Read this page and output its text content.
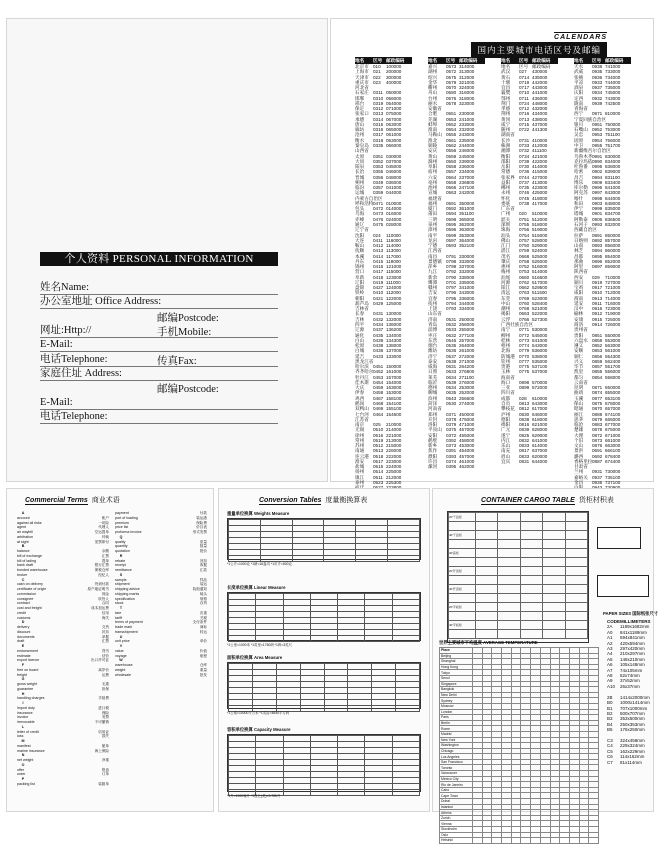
个人资料 PERSONAL INFORMATION
姓名Name:
办公室地址 Office Address:
邮编Postcode:
网址:Http://	手机Mobile:
E-Mail:
电话Telephone:	传真Fax:
家庭住址 Address:
邮编Postcode:
E-Mail:
电话Telephone:
CALENDARS
国内主要城市电话区号及邮编
地名 区号 邮政编码
北京市 010 100000
上海市 021 200000
天津市 022 300000
重庆市 023 400000
河北省
石家庄 0311 050000
邯郸 0310 056000
邢台 0319 054000
保定 0312 071000
张家口 0313 075000
承德 0314 067000
唐山 0315 063000
廊坊 0316 065000
沧州 0317 061000
衡水 0318 053000
秦皇岛 0335 066000
山西省
太原 0351 030000
大同 0352 037000
阳泉 0353 045000
长治 0355 046000
晋城 0356 048000
朔州 0349 036000
临汾 0357 041000
运城 0359 044000
内蒙古自治区
呼和浩特0471 010000
包头 0472 014000
乌海 0473 016000
赤峰 0476 024000
通辽 0475 028000
辽宁省
沈阳 024 110000
大连 0411 116000
鞍山 0412 114000
抚顺 0413 113000
本溪 0414 117000
丹东 0415 118000
锦州 0416 121000
营口 0417 115000
阜新 0418 123000
辽阳 0419 111000
盘锦 0427 124000
铁岭 0410 112000
朝阳 0421 122000
葫芦岛 0429 125000
吉林省
长春 0431 130000
吉林 0432 132000
四平 0434 136000
辽源 0437 136200
通化 0435 134000
白山 0439 134300
松原 0438 138000
白城 0436 137000
延吉 0433 133000
黑龙江省
哈尔滨 0451 150000
齐齐哈尔0452 161000
牡丹江 0453 157000
佳木斯 0454 154000
大庆 0459 163000
伊春 0458 153000
鸡西 0467 158100
鹤岗 0468 154100
双鸭山 0469 155100
七台河 0464 154600
江苏省
南京 025 210000
无锡 0510 214000
徐州 0516 221000
常州 0519 213000
苏州 0512 215000
南通 0513 226000
连云港 0518 222000
淮安 0517 223000
盐城 0515 224000
扬州 0514 225000
镇江 0511 212000
泰州 0523 225300
地名 区号 邮政编码
嘉兴 0573 314000
湖州 0572 313000
绍兴 0575 312000
金华 0579 321000
衢州 0570 324000
舟山 0580 316000
台州 0576 318000
丽水 0578 323000
安徽省
合肥 0551 230000
芜湖 0553 241000
蚌埠 0552 233000
淮南 0554 232000
马鞍山 0555 243000
淮北 0561 235000
铜陵 0562 244000
安庆 0556 246000
黄山 0559 245000
滁州 0550 239000
阜阳 0558 236000
宿州 0557 234000
六安 0564 237000
亳州 0558 236800
池州 0566 247100
宣城 0563 242000
福建省
福州 0591 350000
厦门 0592 361000
莆田 0594 351100
三明 0598 365000
泉州 0595 362000
漳州 0596 363000
南平 0599 353000
龙岩 0597 364000
宁德 0593 352100
江西省
南昌 0791 330000
景德镇 0798 333000
萍乡 0799 337000
九江 0792 332000
新余 0790 338000
鹰潭 0701 335000
赣州 0797 341000
吉安 0796 343000
宜春 0795 336000
抚州 0794 344000
上饶 0793 334000
山东省
济南 0531 250000
青岛 0532 266000
淄博 0533 255000
枣庄 0632 277100
东营 0546 257000
烟台 0535 264000
潍坊 0536 261000
济宁 0537 272000
泰安 0538 271000
威海 0631 264200
日照 0633 276800
莱芜 0634 271100
临沂 0539 276000
德州 0534 253000
聊城 0635 252000
滨州 0543 256600
菏泽 0530 274000
河南省
郑州 0371 450000
开封 0378 475000
洛阳 0379 471000
平顶山 0375 467000
安阳 0372 455000
鹤壁 0392 458000
新乡 0373 453000
焦作 0391 454000
濮阳 0393 457000
许昌 0374 461000
漯河 0395 462000
地名 区号 邮政编码
地名 区号 邮政编码
武汉 027 430000
黄石 0714 435000
十堰 0719 442000
宜昌 0717 443000
襄樊 0710 441000
鄂州 0711 436000
荆门 0724 448000
孝感 0712 432000
荆州 0716 434000
黄冈 0713 438000
咸宁 0715 437000
随州 0722 441300
湖南省
长沙 0731 410000
株洲 0733 412000
湘潭 0732 411100
衡阳 0734 421000
邵阳 0739 422000
岳阳 0730 414000
常德 0736 415000
张家界 0744 427000
益阳 0737 413000
郴州 0735 423000
永州 0746 425000
怀化 0745 418000
娄底 0738 417000
广东省
广州 020 510000
韶关 0751 512000
深圳 0755 518000
珠海 0756 519000
汕头 0754 515000
佛山 0757 528000
江门 0750 529000
湛江 0759 524000
茂名 0668 525000
肇庆 0758 526000
惠州 0752 516000
梅州 0753 514000
汕尾 0660 516600
河源 0762 517000
阳江 0662 529500
清远 0763 511500
东莞 0769 523000
中山 0760 528400
潮州 0768 521000
揭阳 0663 522000
云浮 0766 527300
广西壮族自治区
南宁 0771 530000
柳州 0772 545000
桂林 0773 541000
梧州 0774 543000
北海 0779 536000
防城港 0770 538000
钦州 0777 535000
贵港 0775 537100
玉林 0775 537000
海南省
海口 0898 570000
三亚 0899 572000
四川省
成都 028 610000
自贡 0813 643000
攀枝花 0812 617000
泸州 0830 646000
德阳 0838 618000
绵阳 0816 621000
广元 0839 628000
遂宁 0825 629000
内江 0832 641000
乐山 0833 614000
南充 0817 637000
眉山 0833 620000
宜宾 0831 644000
地名 区号 邮政编码
天水 0938 741000
武威 0935 733000
张掖 0936 734000
平凉 0933 744000
酒泉 0937 735000
庆阳 0934 745000
定西 0932 743000
陇南 0939 742500
青海省
西宁 0971 810000
宁夏回族自治区
银川 0951 750000
石嘴山 0952 753000
吴忠 0953 751100
固原 0954 756000
中卫 0955 751700
新疆维吾尔自治区
乌鲁木齐0991 830000
克拉玛依0990 834000
吐鲁番 0995 838000
哈密 0902 839000
昌吉 0994 831100
博乐 0909 833400
库尔勒 0996 841000
阿克苏 0997 843000
喀什 0998 844000
和田 0903 848000
伊宁 0999 835000
塔城 0901 834700
阿勒泰 0906 836500
石河子 0993 832000
西藏自治区
拉萨 0891 850000
日喀则 0892 857000
山南 0893 856000
林芝 0894 860000
昌都 0895 854000
那曲 0896 852000
阿里 0897 859000
陕西省
西安 029 710000
铜川 0919 727000
宝鸡 0917 721000
咸阳 0910 712000
渭南 0913 714000
延安 0911 716000
汉中 0916 723000
榆林 0912 719000
安康 0915 725000
商洛 0914 726000
贵州省
贵阳 0851 550000
六盘水 0858 553000
遵义 0852 563000
安顺 0853 561000
铜仁 0856 554300
兴义 0859 562400
毕节 0857 551700
凯里 0855 556000
都匀 0854 558000
云南省
昆明 0871 650000
曲靖 0874 655000
玉溪 0877 653100
保山 0875 678000
昭通 0870 657000
丽江 0888 674100
思茅 0879 665000
临沧 0883 677000
楚雄 0878 675000
大理 0872 671000
个旧 0873 661000
文山 0876 663000
景洪 0691 666100
潞西 0692 678400
香格里拉0887 674400
甘肃省
兰州 0931 730000
嘉峪关 0937 735100
金昌 0935 737100
Commercial Terms 商业术语
A
account	帐户
against all risks	一切险
agent	代理人
air waybill	空运提单
arbitration	仲裁
at sight	见票即付
B
balance	余额
bill of exchange	汇票
bill of lading	提单
bank draft	银行汇票
bonded warehouse	保税仓库
broker	经纪人
C
cash on delivery	货到付款
certificate of origin	原产地证明书
commission	佣金
consignee	收货人
contract	合同
cost and freight	成本加运费
credit	信用
customs	海关
D
delivery	交货
discount	折扣
documents	单据
draft	汇票
E
endorsement	背书
estimate	估价
export licence	出口许可证
F
free on board	离岸价
freight	运费
G
gross weight	毛重
guarantee	担保
H
handling charges	手续费
I
import duty	进口税
insurance	保险
invoice	发票
irrevocable	不可撤销
L
letter of credit	信用证
loss	损失
M
manifest	舱单
marine insurance	海上保险
N
net weight	净重
O
offer	报盘
order	订单
P
packing list	装箱单
payment	付款
port of loading	装运港
premium	保险费
price list	价目表
proforma invoice	形式发票
Q
quality	质量
quantity	数量
quotation	报价
R
rebate	回扣
receipt	收据
remittance	汇款
S
sample	样品
shipment	装运
shipping advice	装船通知
shipping marks	唛头
specification	规格
stock	存货
T
tare	皮重
tariff	关税
terms of payment	支付条件
trade mark	商标
transshipment	转运
U
unit price	单价
V
value	价值
voyage	航程
W
warehouse	仓库
weight	重量
wholesale	批发
Conversion Tables 度量衡换算表
重量单位换算 Weights Measure

*1公斤=1000克 *1磅=16盎司 *1市斤=500克
长度单位换算 Linear Measure

*1公里=1000米 *1英里=1760码 *1码=3英尺
面积单位换算 Area Measure

*1公顷=10000平方米 *1英亩=4840平方码
容积单位换算 Capacity Measure

*1升=1000毫升 *1加仑(美)=3.785升
CONTAINER CARGO TABLE 货柜材积表
20'干货柜					

40'干货柜					

40'高柜					

20'开顶柜					

40'开顶柜					

20'平板柜					

40'平板柜					

世界主要城市平均温度 AVERAGE TEMPERATURE
Place													
Beijing													
Shanghai													
Hong Kong													
Tokyo													
Seoul													
Singapore													
Bangkok													
New Delhi													
Sydney													
Moscow													
London													
Paris													
Berlin													
Rome													
Madrid													
New York													
Washington													
Chicago													
Los Angeles													
San Francisco													
Toronto													
Vancouver													
Mexico City													
Rio de Janeiro													
Cairo													
Cape Town													
Dubai													
Istanbul													
Athens													
Zurich													
Vienna													
Stockholm													
Oslo													
Helsinki													
PAPER SIZES 国际纸张尺寸
CODEMILLIMETERS
2A 1189x1682mm
A0 841x1189mm
A1 594x841mm
A2 420x594mm
A3 297x420mm
A4 210x297mm
A5 148x210mm
A6 105x148mm
A7 74x105mm
A8 52x74mm
A9 37x52mm
A10 26x37mm

2B 1414x2000mm
B0 1000x1414mm
B1 707x1000mm
B2 500x707mm
B3 353x500mm
B4 250x353mm
B5 176x250mm

C3 324x458mm
C4 229x324mm
C5 162x229mm
C6 114x162mm
C7 81x114mm
